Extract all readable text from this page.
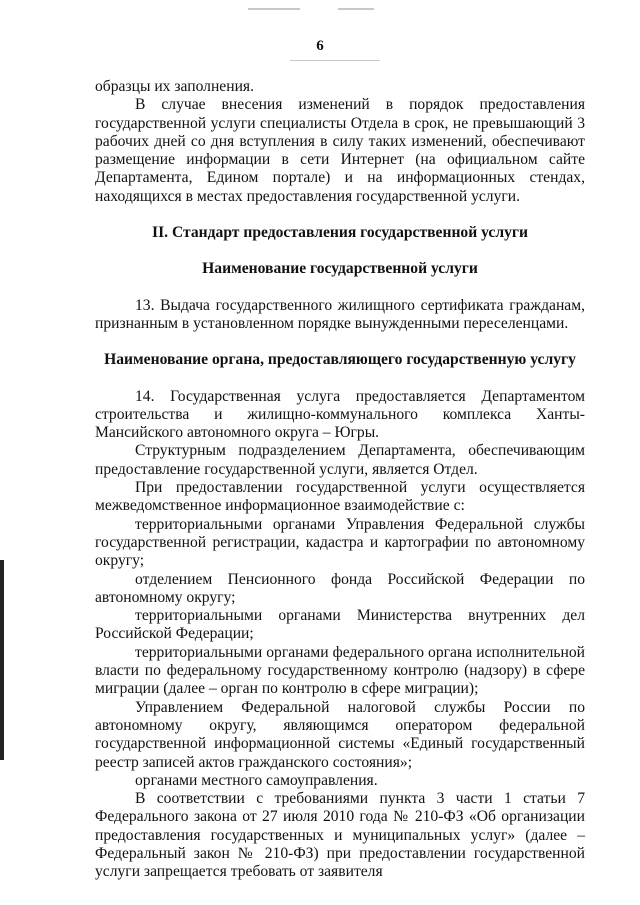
6

образцы их заполнения.

В случае внесения изменений в порядок предоставления государственной услуги специалисты Отдела в срок, не превышающий 3 рабочих дней со дня вступления в силу таких изменений, обеспечивают размещение информации в сети Интернет (на официальном сайте Департамента, Едином портале) и на информационных стендах, находящихся в местах предоставления государственной услуги.

II. Стандарт предоставления государственной услуги

Наименование государственной услуги

13. Выдача государственного жилищного сертификата гражданам, признанным в установленном порядке вынужденными переселенцами.

Наименование органа, предоставляющего государственную услугу

14. Государственная услуга предоставляется Департаментом строительства и жилищно-коммунального комплекса Ханты-Мансийского автономного округа – Югры.

Структурным подразделением Департамента, обеспечивающим предоставление государственной услуги, является Отдел.

При предоставлении государственной услуги осуществляется межведомственное информационное взаимодействие с:

территориальными органами Управления Федеральной службы государственной регистрации, кадастра и картографии по автономному округу;

отделением Пенсионного фонда Российской Федерации по автономному округу;

территориальными органами Министерства внутренних дел Российской Федерации;

территориальными органами федерального органа исполнительной власти по федеральному государственному контролю (надзору) в сфере миграции (далее – орган по контролю в сфере миграции);

Управлением Федеральной налоговой службы России по автономному округу, являющимся оператором федеральной государственной информационной системы «Единый государственный реестр записей актов гражданского состояния»;

органами местного самоуправления.

В соответствии с требованиями пункта 3 части 1 статьи 7 Федерального закона от 27 июля 2010 года № 210-ФЗ «Об организации предоставления государственных и муниципальных услуг» (далее – Федеральный закон № 210-ФЗ) при предоставлении государственной услуги запрещается требовать от заявителя
